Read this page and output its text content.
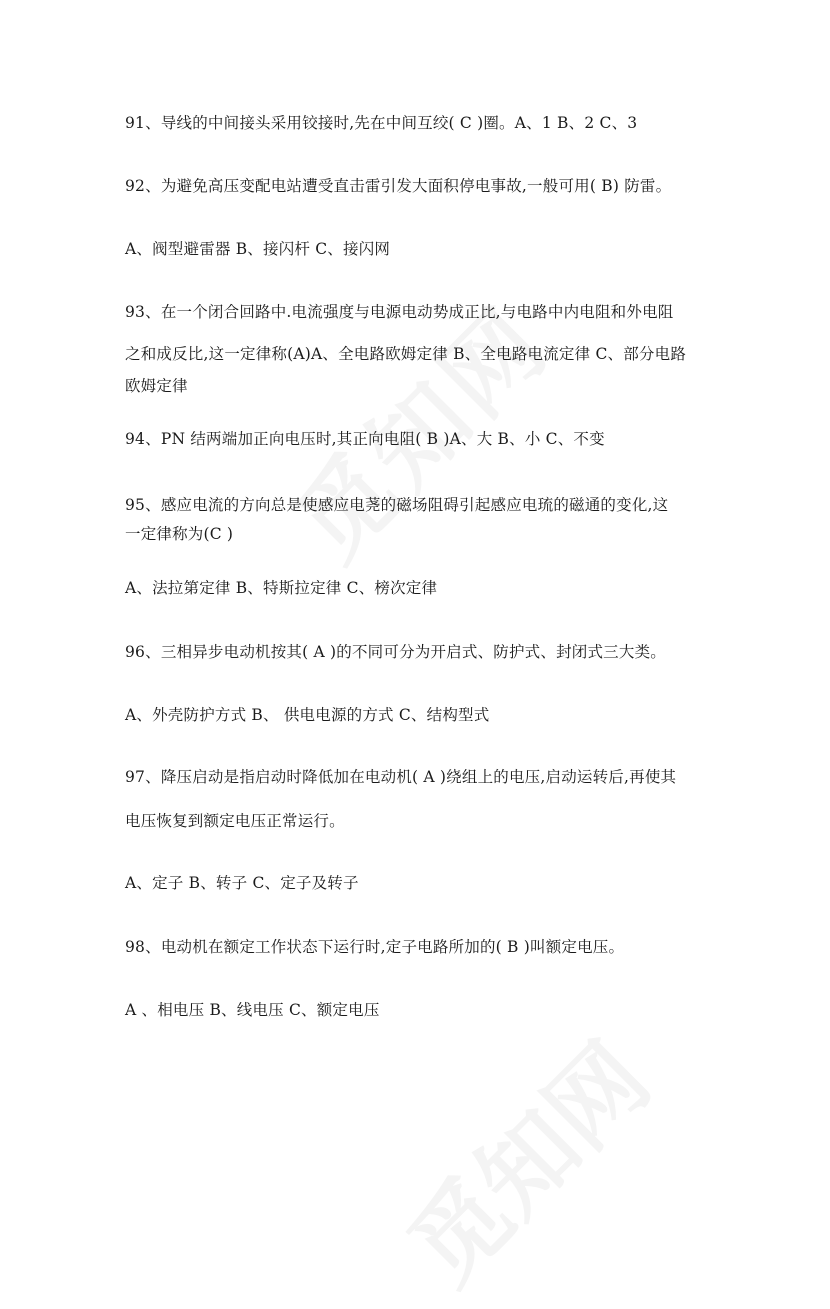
91、导线的中间接头采用铰接时,先在中间互绞( C )圈。A、1 B、2 C、3
92、为避免高压变配电站遭受直击雷引发大面积停电事故,一般可用( B) 防雷。
A、阀型避雷器 B、接闪杆 C、接闪网
93、在一个闭合回路中.电流强度与电源电动势成正比,与电路中内电阻和外电阻
之和成反比,这一定律称(A)A、全电路欧姆定律 B、全电路电流定律 C、部分电路
欧姆定律
94、PN 结两端加正向电压时,其正向电阻( B )A、大 B、小 C、不变
95、感应电流的方向总是使感应电荛的磁场阻碍引起感应电琉的磁通的变化,这
一定律称为(C )
A、法拉第定律 B、特斯拉定律 C、榜次定律
96、三相异步电动机按其( A )的不同可分为开启式、防护式、封闭式三大类。
A、外壳防护方式 B、 供电电源的方式 C、结构型式
97、降压启动是指启动时降低加在电动机( A )绕组上的电压,启动运转后,再使其
电压恢复到额定电压正常运行。
A、定子 B、转子 C、定子及转子
98、电动机在额定工作状态下运行时,定子电路所加的( B )叫额定电压。
A 、相电压 B、线电压 C、额定电压
